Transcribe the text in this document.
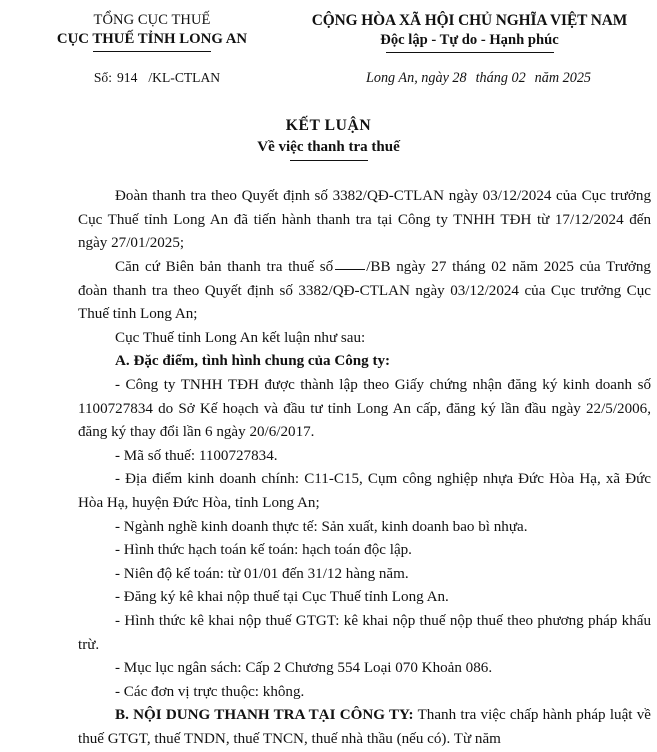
TỔNG CỤC THUẾ
CỤC THUẾ TỈNH LONG AN
Số: 914 /KL-CTLAN
CỘNG HÒA XÃ HỘI CHỦ NGHĨA VIỆT NAM
Độc lập - Tự do - Hạnh phúc
Long An, ngày 28 tháng 02 năm 2025
KẾT LUẬN
Về việc thanh tra thuế

Đoàn thanh tra theo Quyết định số 3382/QĐ-CTLAN ngày 03/12/2024 của Cục trưởng Cục Thuế tỉnh Long An đã tiến hành thanh tra tại Công ty TNHH TĐH từ 17/12/2024 đến ngày 27/01/2025;

Căn cứ Biên bản thanh tra thuế số /BB ngày 27 tháng 02 năm 2025 của Trưởng đoàn thanh tra theo Quyết định số 3382/QĐ-CTLAN ngày 03/12/2024 của Cục trưởng Cục Thuế tỉnh Long An;

Cục Thuế tỉnh Long An kết luận như sau:

A. Đặc điểm, tình hình chung của Công ty:

- Công ty TNHH TĐH được thành lập theo Giấy chứng nhận đăng ký kinh doanh số 1100727834 do Sở Kế hoạch và đầu tư tỉnh Long An cấp, đăng ký lần đầu ngày 22/5/2006, đăng ký thay đổi lần 6 ngày 20/6/2017.

- Mã số thuế: 1100727834.

- Địa điểm kinh doanh chính: C11-C15, Cụm công nghiệp nhựa Đức Hòa Hạ, xã Đức Hòa Hạ, huyện Đức Hòa, tỉnh Long An;

- Ngành nghề kinh doanh thực tế: Sản xuất, kinh doanh bao bì nhựa.

- Hình thức hạch toán kế toán: hạch toán độc lập.

- Niên độ kế toán: từ 01/01 đến 31/12 hàng năm.

- Đăng ký kê khai nộp thuế tại Cục Thuế tỉnh Long An.

- Hình thức kê khai nộp thuế GTGT: kê khai nộp thuế nộp thuế theo phương pháp khấu trừ.

- Mục lục ngân sách: Cấp 2 Chương 554 Loại 070 Khoản 086.

- Các đơn vị trực thuộc: không.

B. NỘI DUNG THANH TRA TẠI CÔNG TY: Thanh tra việc chấp hành pháp luật về thuế GTGT, thuế TNDN, thuế TNCN, thuế nhà thầu (nếu có). Từ năm
